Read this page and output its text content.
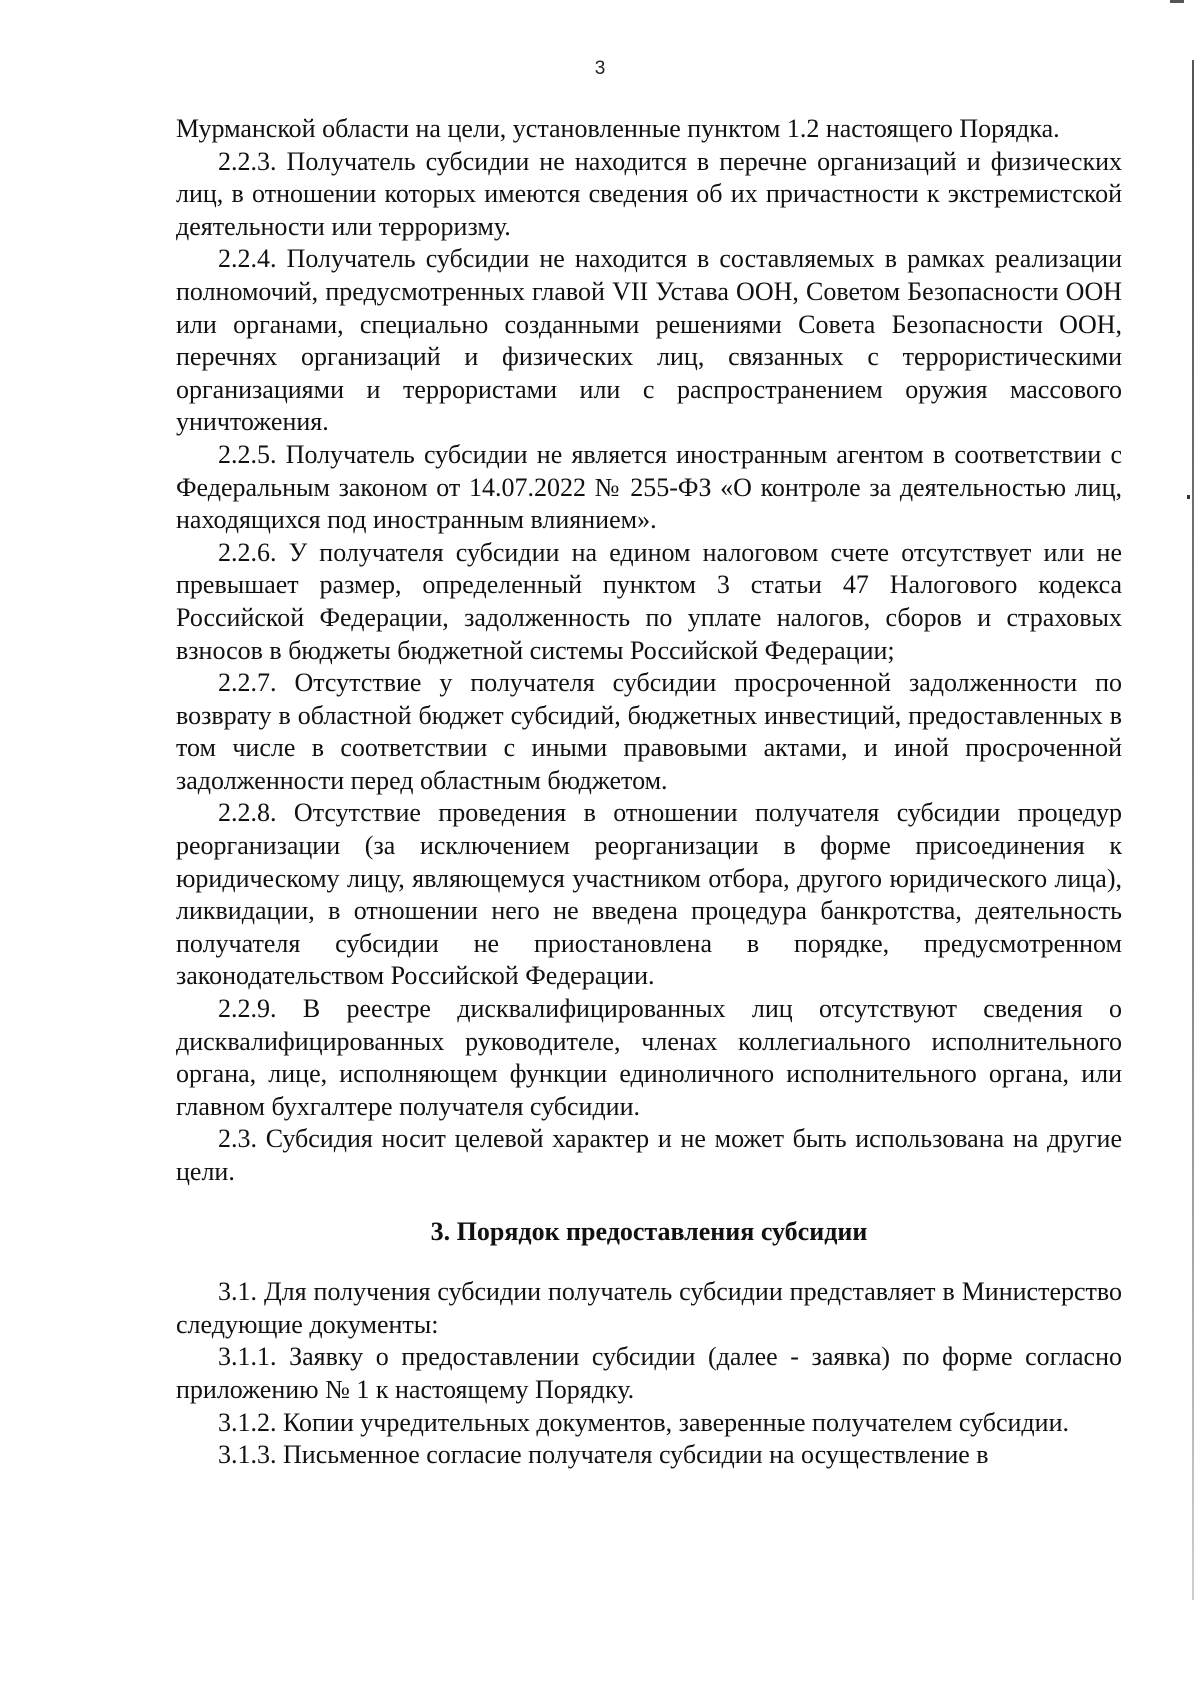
3

Мурманской области на цели, установленные пунктом 1.2 настоящего Порядка.

2.2.3. Получатель субсидии не находится в перечне организаций и физических лиц, в отношении которых имеются сведения об их причастности к экстремистской деятельности или терроризму.

2.2.4. Получатель субсидии не находится в составляемых в рамках реализации полномочий, предусмотренных главой VII Устава ООН, Советом Безопасности ООН или органами, специально созданными решениями Совета Безопасности ООН, перечнях организаций и физических лиц, связанных с террористическими организациями и террористами или с распространением оружия массового уничтожения.

2.2.5. Получатель субсидии не является иностранным агентом в соответствии с Федеральным законом от 14.07.2022 № 255-ФЗ «О контроле за деятельностью лиц, находящихся под иностранным влиянием».

2.2.6. У получателя субсидии на едином налоговом счете отсутствует или не превышает размер, определенный пунктом 3 статьи 47 Налогового кодекса Российской Федерации, задолженность по уплате налогов, сборов и страховых взносов в бюджеты бюджетной системы Российской Федерации;

2.2.7. Отсутствие у получателя субсидии просроченной задолженности по возврату в областной бюджет субсидий, бюджетных инвестиций, предоставленных в том числе в соответствии с иными правовыми актами, и иной просроченной задолженности перед областным бюджетом.

2.2.8. Отсутствие проведения в отношении получателя субсидии процедур реорганизации (за исключением реорганизации в форме присоединения к юридическому лицу, являющемуся участником отбора, другого юридического лица), ликвидации, в отношении него не введена процедура банкротства, деятельность получателя субсидии не приостановлена в порядке, предусмотренном законодательством Российской Федерации.

2.2.9. В реестре дисквалифицированных лиц отсутствуют сведения о дисквалифицированных руководителе, членах коллегиального исполнительного органа, лице, исполняющем функции единоличного исполнительного органа, или главном бухгалтере получателя субсидии.

2.3. Субсидия носит целевой характер и не может быть использована на другие цели.

3. Порядок предоставления субсидии

3.1. Для получения субсидии получатель субсидии представляет в Министерство следующие документы:

3.1.1. Заявку о предоставлении субсидии (далее - заявка) по форме согласно приложению № 1 к настоящему Порядку.

3.1.2. Копии учредительных документов, заверенные получателем субсидии.

3.1.3. Письменное согласие получателя субсидии на осуществление в
